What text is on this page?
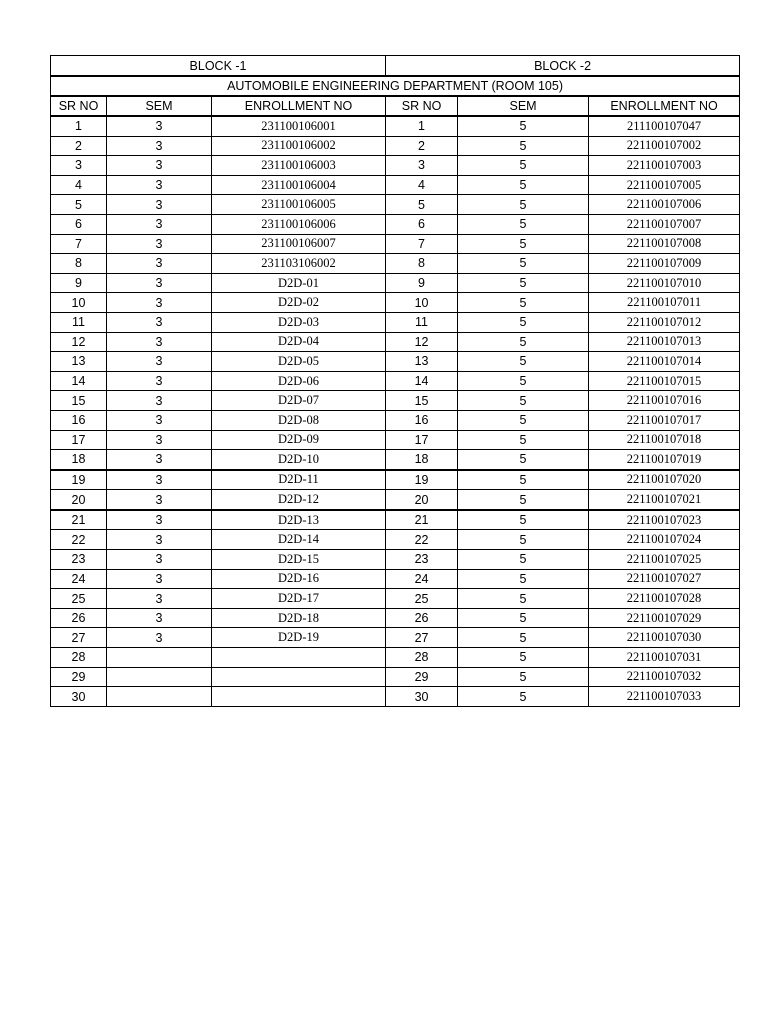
BLOCK -1			BLOCK -2		
AUTOMOBILE ENGINEERING DEPARTMENT (ROOM 105)					
SR NO	SEM	ENROLLMENT NO	SR NO	SEM	ENROLLMENT NO
1	3	231100106001	1	5	211100107047
2	3	231100106002	2	5	221100107002
3	3	231100106003	3	5	221100107003
4	3	231100106004	4	5	221100107005
5	3	231100106005	5	5	221100107006
6	3	231100106006	6	5	221100107007
7	3	231100106007	7	5	221100107008
8	3	231103106002	8	5	221100107009
9	3	D2D-01	9	5	221100107010
10	3	D2D-02	10	5	221100107011
11	3	D2D-03	11	5	221100107012
12	3	D2D-04	12	5	221100107013
13	3	D2D-05	13	5	221100107014
14	3	D2D-06	14	5	221100107015
15	3	D2D-07	15	5	221100107016
16	3	D2D-08	16	5	221100107017
17	3	D2D-09	17	5	221100107018
18	3	D2D-10	18	5	221100107019
19	3	D2D-11	19	5	221100107020
20	3	D2D-12	20	5	221100107021
21	3	D2D-13	21	5	221100107023
22	3	D2D-14	22	5	221100107024
23	3	D2D-15	23	5	221100107025
24	3	D2D-16	24	5	221100107027
25	3	D2D-17	25	5	221100107028
26	3	D2D-18	26	5	221100107029
27	3	D2D-19	27	5	221100107030
28			28	5	221100107031
29			29	5	221100107032
30			30	5	221100107033
